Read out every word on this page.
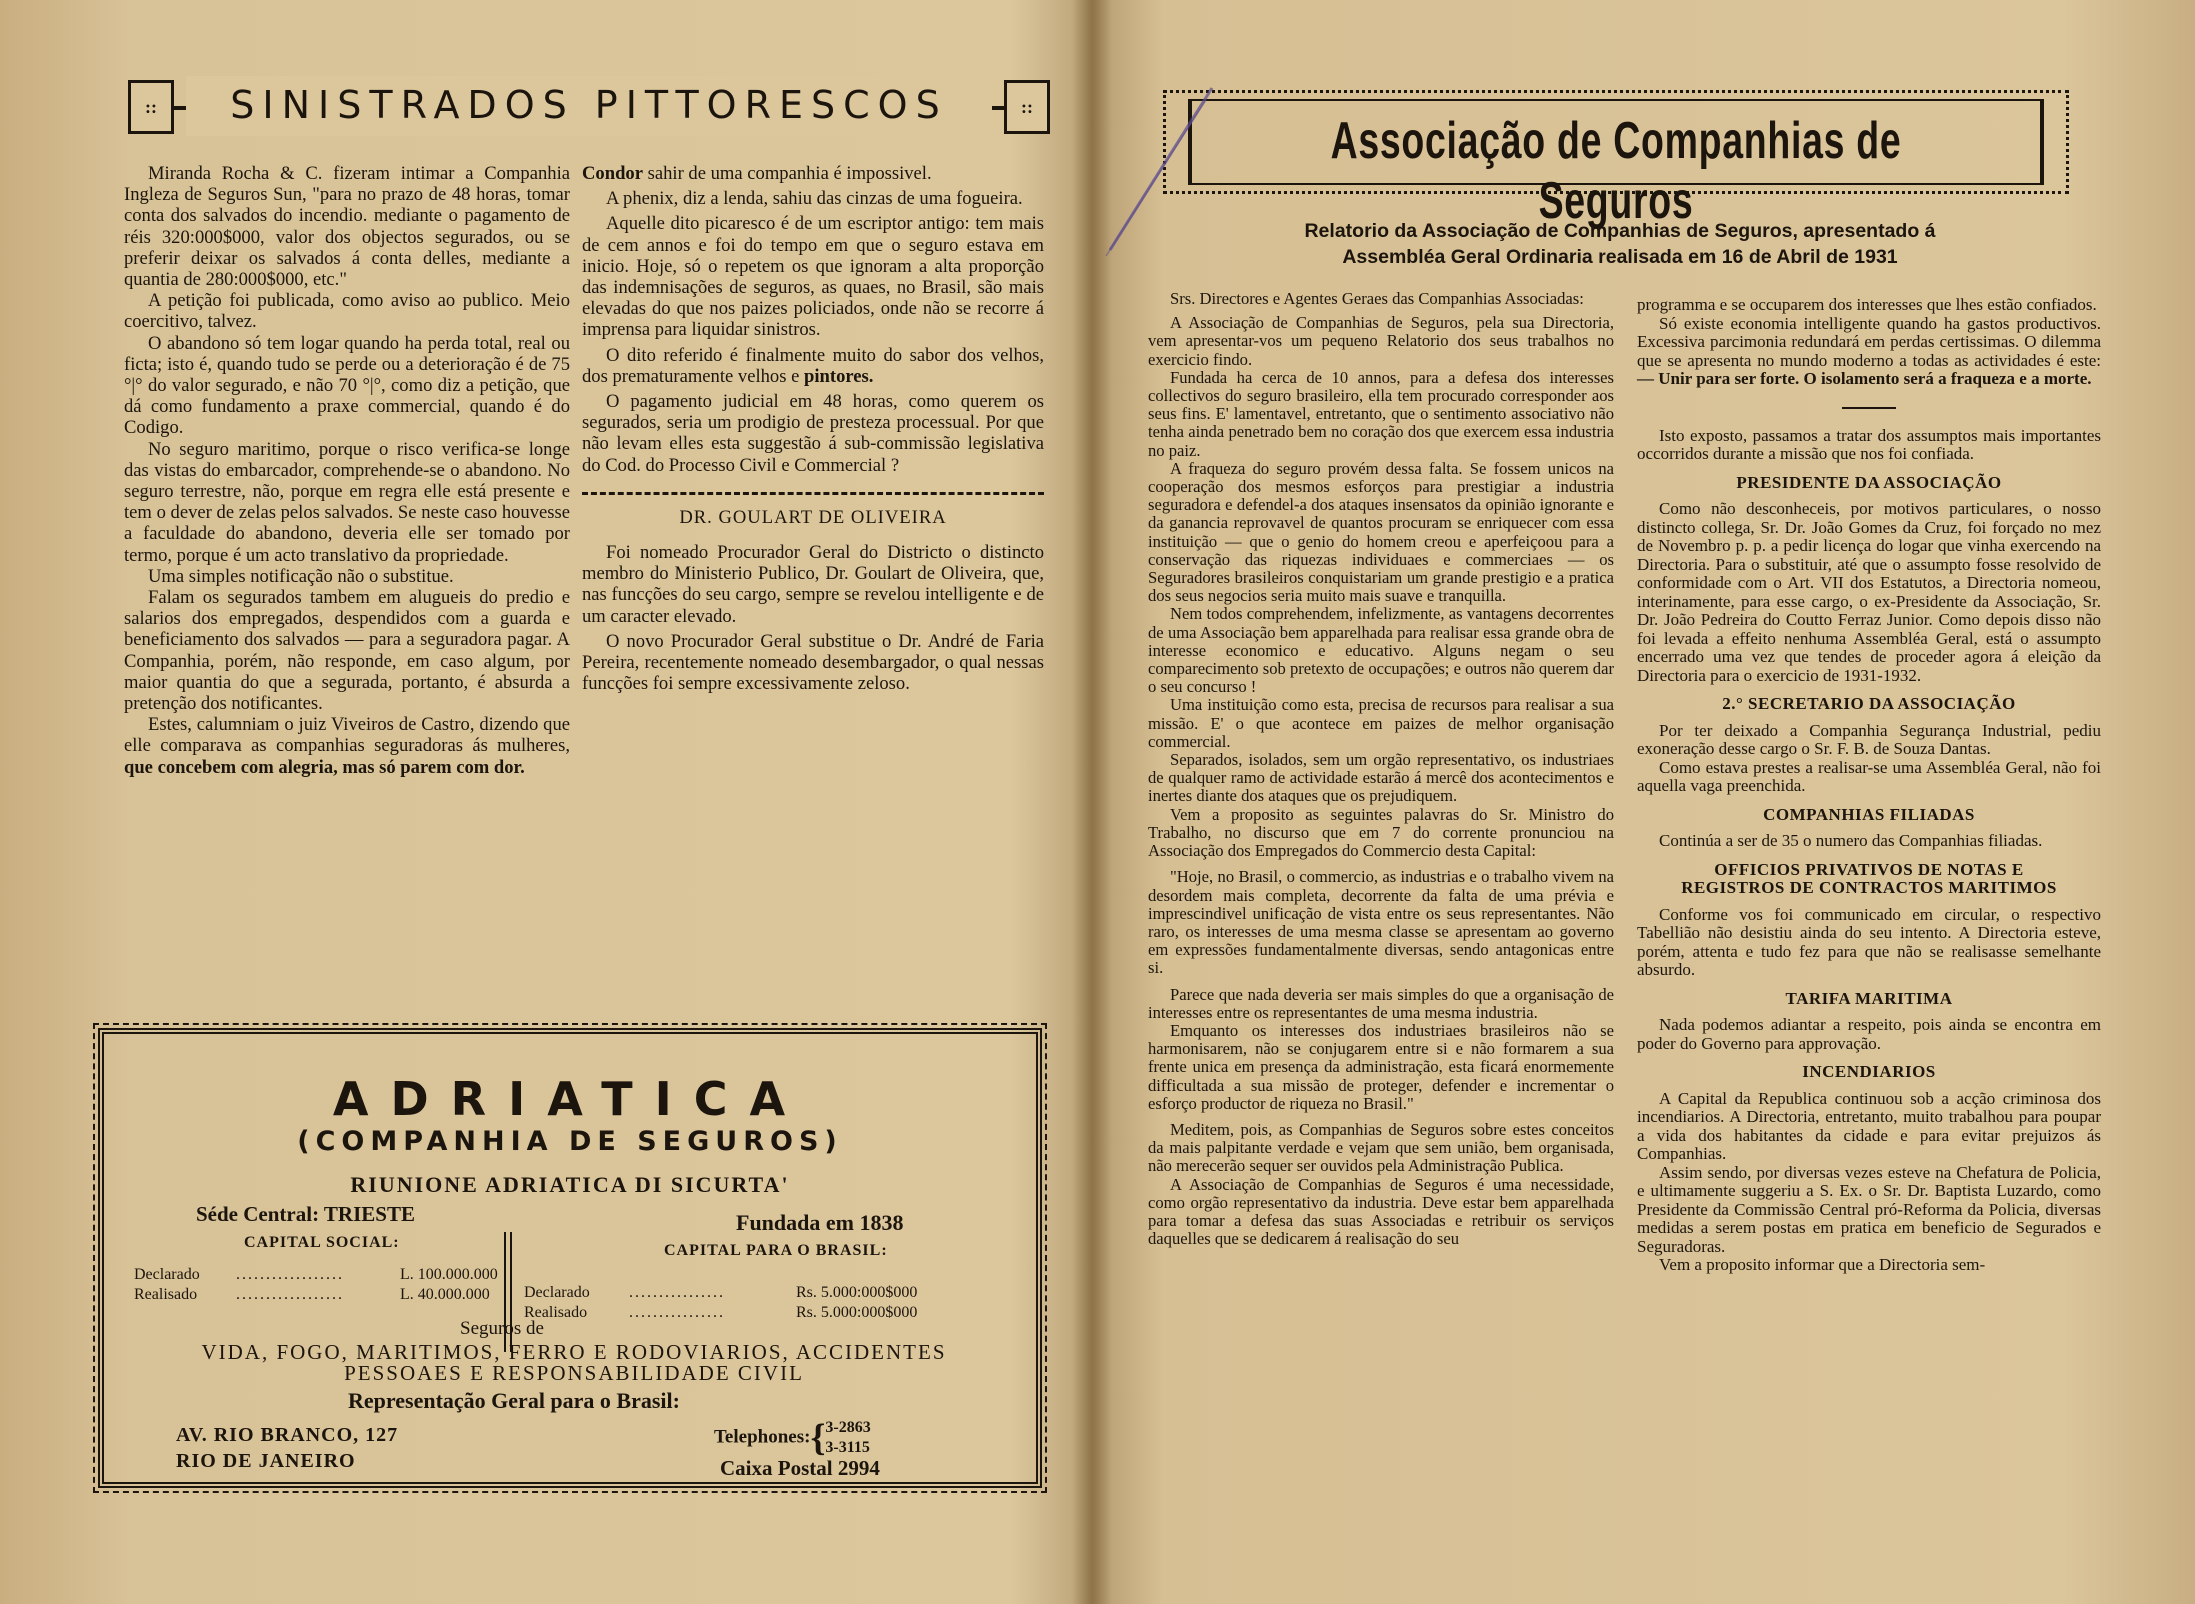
::	SINISTRADOS PITTORESCOS	::

Miranda Rocha & C. fizeram intimar a Companhia Ingleza de Seguros Sun, "para no prazo de 48 horas, tomar conta dos salvados do incendio. mediante o pagamento de réis 320:000$000, valor dos objectos segurados, ou se preferir deixar os salvados á conta delles, mediante a quantia de 280:000$000, etc."

A petição foi publicada, como aviso ao publico. Meio coercitivo, talvez.

O abandono só tem logar quando ha perda total, real ou ficta; isto é, quando tudo se perde ou a deterioração é de 75 °|° do valor segurado, e não 70 °|°, como diz a petição, que dá como fundamento a praxe commercial, quando é do Codigo.

No seguro maritimo, porque o risco verifica-se longe das vistas do embarcador, comprehende-se o abandono. No seguro terrestre, não, porque em regra elle está presente e tem o dever de zelas pelos salvados. Se neste caso houvesse a faculdade do abandono, deveria elle ser tomado por termo, porque é um acto translativo da propriedade.

Uma simples notificação não o substitue.

Falam os segurados tambem em alugueis do predio e salarios dos empregados, despendidos com a guarda e beneficiamento dos salvados — para a seguradora pagar. A Companhia, porém, não responde, em caso algum, por maior quantia do que a segurada, portanto, é absurda a pretenção dos notificantes.

Estes, calumniam o juiz Viveiros de Castro, dizendo que elle comparava as companhias seguradoras ás mulheres, que concebem com alegria, mas só parem com dor.

Condor sahir de uma companhia é impossivel.

A phenix, diz a lenda, sahiu das cinzas de uma fogueira.

Aquelle dito picaresco é de um escriptor antigo: tem mais de cem annos e foi do tempo em que o seguro estava em inicio. Hoje, só o repetem os que ignoram a alta proporção das indemnisações de seguros, as quaes, no Brasil, são mais elevadas do que nos paizes policiados, onde não se recorre á imprensa para liquidar sinistros.

O dito referido é finalmente muito do sabor dos velhos, dos prematuramente velhos e pintores.

O pagamento judicial em 48 horas, como querem os segurados, seria um prodigio de presteza processual. Por que não levam elles esta suggestão á sub-commissão legislativa do Cod. do Processo Civil e Commercial ?

DR. GOULART DE OLIVEIRA

Foi nomeado Procurador Geral do Districto o distincto membro do Ministerio Publico, Dr. Goulart de Oliveira, que, nas funcções do seu cargo, sempre se revelou intelligente e de um caracter elevado.

O novo Procurador Geral substitue o Dr. André de Faria Pereira, recentemente nomeado desembargador, o qual nessas funcções foi sempre excessivamente zeloso.

ADRIATICA
(COMPANHIA DE SEGUROS)
RIUNIONE ADRIATICA DI SICURTA'
Séde Central: TRIESTE
CAPITAL SOCIAL:
Declarado ..................	L. 100.000.000
Realisado ..................	L. 40.000.000
Fundada em 1838
CAPITAL PARA O BRASIL:
Declarado ................	Rs. 5.000:000$000
Realisado	................	Rs. 5.000:000$000
Seguros de
VIDA, FOGO, MARITIMOS, FERRO E RODOVIARIOS, ACCIDENTES
PESSOAES E RESPONSABILIDADE CIVIL
Representação Geral para o Brasil:
AV. RIO BRANCO, 127
RIO DE JANEIRO
Telephones:{ 3-2863
3-3115
Caixa Postal 2994
Associação de Companhias de Seguros
Relatorio da Associação de Companhias de Seguros, apresentado á
Assembléa Geral Ordinaria realisada em 16 de Abril de 1931

Srs. Directores e Agentes Geraes das Companhias Associadas:

A Associação de Companhias de Seguros, pela sua Directoria, vem apresentar-vos um pequeno Relatorio dos seus trabalhos no exercicio findo.

Fundada ha cerca de 10 annos, para a defesa dos interesses collectivos do seguro brasileiro, ella tem procurado corresponder aos seus fins. E' lamentavel, entretanto, que o sentimento associativo não tenha ainda penetrado bem no coração dos que exercem essa industria no paiz.

A fraqueza do seguro provém dessa falta. Se fossem unicos na cooperação dos mesmos esforços para prestigiar a industria seguradora e defendel-a dos ataques insensatos da opinião ignorante e da ganancia reprovavel de quantos procuram se enriquecer com essa instituição — que o genio do homem creou e aperfeiçoou para a conservação das riquezas individuaes e commerciaes — os Seguradores brasileiros conquistariam um grande prestigio e a pratica dos seus negocios seria muito mais suave e tranquilla.

Nem todos comprehendem, infelizmente, as vantagens decorrentes de uma Associação bem apparelhada para realisar essa grande obra de interesse economico e educativo. Alguns negam o seu comparecimento sob pretexto de occupações; e outros não querem dar o seu concurso !

Uma instituição como esta, precisa de recursos para realisar a sua missão. E' o que acontece em paizes de melhor organisação commercial.

Separados, isolados, sem um orgão representativo, os industriaes de qualquer ramo de actividade estarão á mercê dos acontecimentos e inertes diante dos ataques que os prejudiquem.

Vem a proposito as seguintes palavras do Sr. Ministro do Trabalho, no discurso que em 7 do corrente pronunciou na Associação dos Empregados do Commercio desta Capital:

"Hoje, no Brasil, o commercio, as industrias e o trabalho vivem na desordem mais completa, decorrente da falta de uma prévia e imprescindivel unificação de vista entre os seus representantes. Não raro, os interesses de uma mesma classe se apresentam ao governo em expressões fundamentalmente diversas, sendo antagonicas entre si.

Parece que nada deveria ser mais simples do que a organisação de interesses entre os representantes de uma mesma industria.

Emquanto os interesses dos industriaes brasileiros não se harmonisarem, não se conjugarem entre si e não formarem a sua frente unica em presença da administração, esta ficará enormemente difficultada a sua missão de proteger, defender e incrementar o esforço productor de riqueza no Brasil."

Meditem, pois, as Companhias de Seguros sobre estes conceitos da mais palpitante verdade e vejam que sem união, bem organisada, não merecerão sequer ser ouvidos pela Administração Publica.

A Associação de Companhias de Seguros é uma necessidade, como orgão representativo da industria. Deve estar bem apparelhada para tomar a defesa das suas Associadas e retribuir os serviços daquelles que se dedicarem á realisação do seu

programma e se occuparem dos interesses que lhes estão confiados.

Só existe economia intelligente quando ha gastos productivos. Excessiva parcimonia redundará em perdas certissimas. O dilemma que se apresenta no mundo moderno a todas as actividades é este: — Unir para ser forte. O isolamento será a fraqueza e a morte.

Isto exposto, passamos a tratar dos assumptos mais importantes occorridos durante a missão que nos foi confiada.

PRESIDENTE DA ASSOCIAÇÃO

Como não desconheceis, por motivos particulares, o nosso distincto collega, Sr. Dr. João Gomes da Cruz, foi forçado no mez de Novembro p. p. a pedir licença do logar que vinha exercendo na Directoria. Para o substituir, até que o assumpto fosse resolvido de conformidade com o Art. VII dos Estatutos, a Directoria nomeou, interinamente, para esse cargo, o ex-Presidente da Associação, Sr. Dr. João Pedreira do Coutto Ferraz Junior. Como depois disso não foi levada a effeito nenhuma Assembléa Geral, está o assumpto encerrado uma vez que tendes de proceder agora á eleição da Directoria para o exercicio de 1931-1932.

2.° SECRETARIO DA ASSOCIAÇÃO

Por ter deixado a Companhia Segurança Industrial, pediu exoneração desse cargo o Sr. F. B. de Souza Dantas.

Como estava prestes a realisar-se uma Assembléa Geral, não foi aquella vaga preenchida.

COMPANHIAS FILIADAS

Continúa a ser de 35 o numero das Companhias filiadas.

OFFICIOS PRIVATIVOS DE NOTAS E REGISTROS DE CONTRACTOS MARITIMOS

Conforme vos foi communicado em circular, o respectivo Tabellião não desistiu ainda do seu intento. A Directoria esteve, porém, attenta e tudo fez para que não se realisasse semelhante absurdo.

TARIFA MARITIMA

Nada podemos adiantar a respeito, pois ainda se encontra em poder do Governo para approvação.

INCENDIARIOS

A Capital da Republica continuou sob a acção criminosa dos incendiarios. A Directoria, entretanto, muito trabalhou para poupar a vida dos habitantes da cidade e para evitar prejuizos ás Companhias.

Assim sendo, por diversas vezes esteve na Chefatura de Policia, e ultimamente suggeriu a S. Ex. o Sr. Dr. Baptista Luzardo, como Presidente da Commissão Central pró-Reforma da Policia, diversas medidas a serem postas em pratica em beneficio de Segurados e Seguradoras.

Vem a proposito informar que a Directoria sem-
